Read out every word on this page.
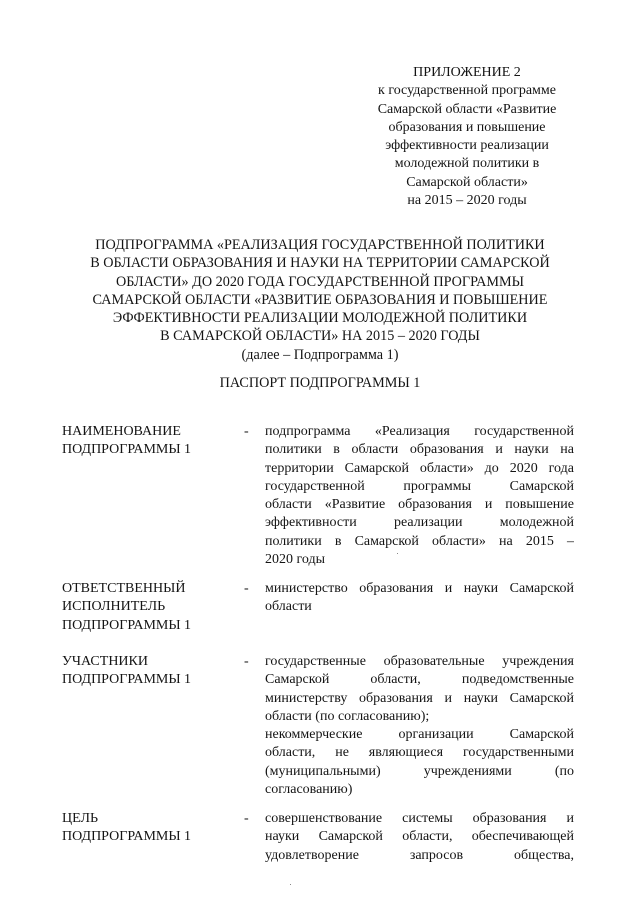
ПРИЛОЖЕНИЕ 2
к государственной программе
Самарской области «Развитие
образования и повышение
эффективности реализации
молодежной политики в
Самарской области»
на 2015 – 2020 годы
ПОДПРОГРАММА «РЕАЛИЗАЦИЯ ГОСУДАРСТВЕННОЙ ПОЛИТИКИ
В ОБЛАСТИ ОБРАЗОВАНИЯ И НАУКИ НА ТЕРРИТОРИИ САМАРСКОЙ
ОБЛАСТИ» ДО 2020 ГОДА ГОСУДАРСТВЕННОЙ ПРОГРАММЫ
САМАРСКОЙ ОБЛАСТИ «РАЗВИТИЕ ОБРАЗОВАНИЯ И ПОВЫШЕНИЕ
ЭФФЕКТИВНОСТИ РЕАЛИЗАЦИИ МОЛОДЕЖНОЙ ПОЛИТИКИ
В САМАРСКОЙ ОБЛАСТИ» НА 2015 – 2020 ГОДЫ
(далее – Подпрограмма 1)
ПАСПОРТ ПОДПРОГРАММЫ 1
НАИМЕНОВАНИЕ
ПОДПРОГРАММЫ 1
- подпрограмма «Реализация государственной
политики в области образования и науки на
территории Самарской области» до 2020 года
государственной программы Самарской
области «Развитие образования и повышение
эффективности реализации молодежной
политики в Самарской области» на 2015 –
2020 годы
ОТВЕТСТВЕННЫЙ
ИСПОЛНИТЕЛЬ
ПОДПРОГРАММЫ 1
- министерство образования и науки Самарской
области
УЧАСТНИКИ
ПОДПРОГРАММЫ 1
- государственные образовательные учреждения
Самарской области, подведомственные
министерству образования и науки Самарской
области (по согласованию);
некоммерческие организации Самарской
области, не являющиеся государственными
(муниципальными) учреждениями (по
согласованию)
ЦЕЛЬ
ПОДПРОГРАММЫ 1
- совершенствование системы образования и
науки Самарской области, обеспечивающей
удовлетворение запросов общества,
